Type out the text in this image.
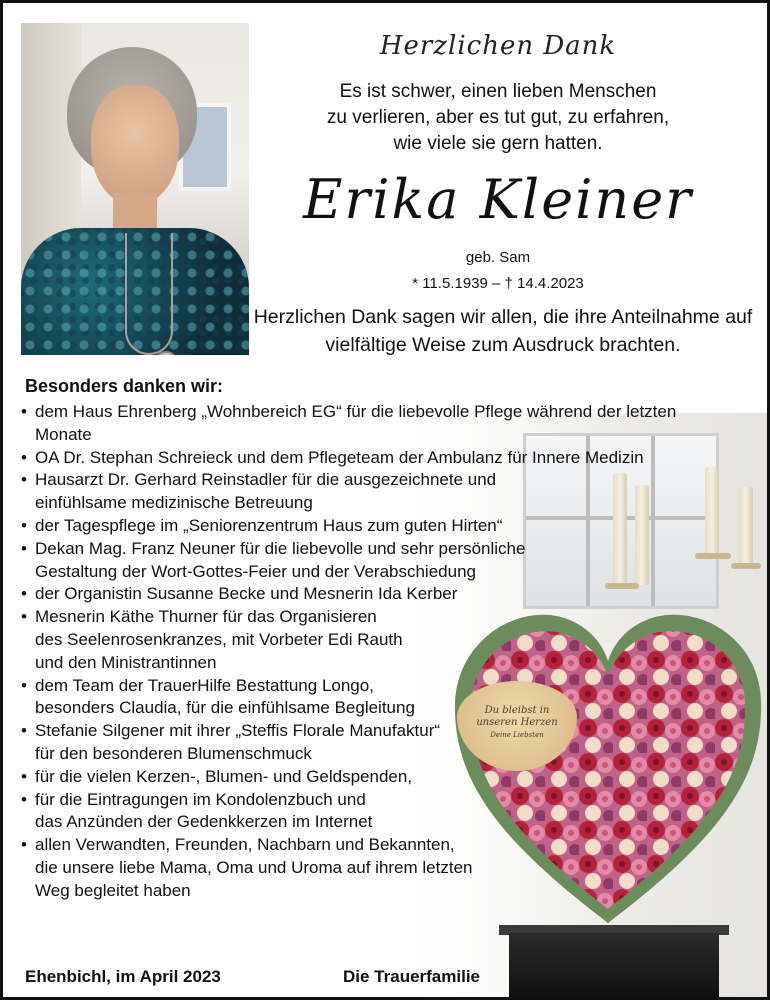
Herzlichen Dank
Es ist schwer, einen lieben Menschen
zu verlieren, aber es tut gut, zu erfahren,
wie viele sie gern hatten.
Erika Kleiner
geb. Sam
* 11.5.1939 – † 14.4.2023
Herzlichen Dank sagen wir allen, die ihre Anteilnahme auf
vielfältige Weise zum Ausdruck brachten.
Du bleibst in
unseren Herzen
Deine Liebsten
Besonders danken wir:
• dem Haus Ehrenberg „Wohnbereich EG“ für die liebevolle Pflege während der letzten Monate
• OA Dr. Stephan Schreieck und dem Pflegeteam der Ambulanz für Innere Medizin
• Hausarzt Dr. Gerhard Reinstadler für die ausgezeichnete und
einfühlsame medizinische Betreuung
• der Tagespflege im „Seniorenzentrum Haus zum guten Hirten“
• Dekan Mag. Franz Neuner für die liebevolle und sehr persönliche
Gestaltung der Wort-Gottes-Feier und der Verabschiedung
• der Organistin Susanne Becke und Mesnerin Ida Kerber
• Mesnerin Käthe Thurner für das Organisieren
des Seelenrosenkranzes, mit Vorbeter Edi Rauth
und den Ministrantinnen
• dem Team der TrauerHilfe Bestattung Longo,
besonders Claudia, für die einfühlsame Begleitung
• Stefanie Silgener mit ihrer „Steffis Florale Manufaktur“
für den besonderen Blumenschmuck
• für die vielen Kerzen-, Blumen- und Geldspenden,
• für die Eintragungen im Kondolenzbuch und
das Anzünden der Gedenkkerzen im Internet
• allen Verwandten, Freunden, Nachbarn und Bekannten,
die unsere liebe Mama, Oma und Uroma auf ihrem letzten
Weg begleitet haben
Ehenbichl, im April 2023	Die Trauerfamilie
